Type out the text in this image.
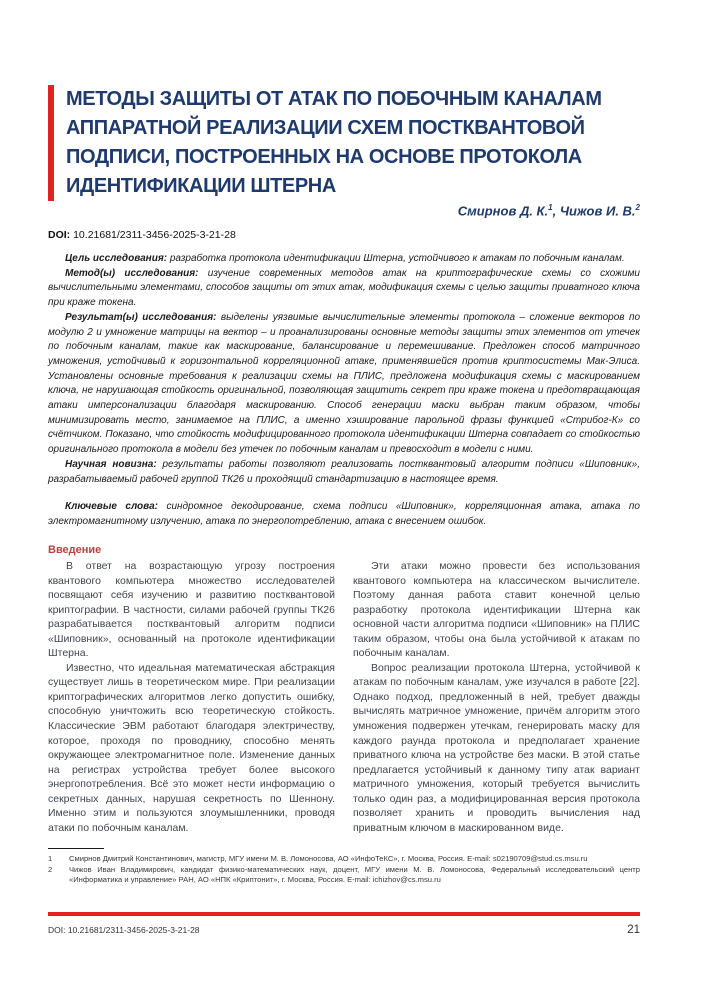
МЕТОДЫ ЗАЩИТЫ ОТ АТАК ПО ПОБОЧНЫМ КАНАЛАМ
АППАРАТНОЙ РЕАЛИЗАЦИИ СХЕМ ПОСТКВАНТОВОЙ
ПОДПИСИ, ПОСТРОЕННЫХ НА ОСНОВЕ ПРОТОКОЛА
ИДЕНТИФИКАЦИИ ШТЕРНА
Смирнов Д. К.$^1$, Чижов И. В.$^2$
DOI: 10.21681/2311-3456-2025-3-21-28

Цель исследования: разработка протокола идентификации Штерна, устойчивого к атакам по побочным каналам.

Метод(ы) исследования: изучение современных методов атак на криптографические схемы со схожими вычислительными элементами, способов защиты от этих атак, модификация схемы с целью защиты приватного ключа при краже токена.

Результат(ы) исследования: выделены уязвимые вычислительные элементы протокола – сложение векторов по модулю 2 и умножение матрицы на вектор – и проанализированы основные методы защиты этих элементов от утечек по побочным каналам, такие как маскирование, балансирование и перемешивание. Предложен способ матричного умножения, устойчивый к горизонтальной корреляционной атаке, применявшейся против криптосистемы Мак-Элиса. Установлены основные требования к реализации схемы на ПЛИС, предложена модификация схемы с маскированием ключа, не нарушающая стойкость оригинальной, позволяющая защитить секрет при краже токена и предотвращающая атаки имперсонализации благодаря маскированию. Способ генерации маски выбран таким образом, чтобы минимизировать место, занимаемое на ПЛИС, а именно хэширование парольной фразы функцией «Стрибог-К» со счётчиком. Показано, что стойкость модифицированного протокола идентификации Штерна совпадает со стойкостью оригинального протокола в модели без утечек по побочным каналам и превосходит в модели с ними.

Научная новизна: результаты работы позволяют реализовать постквантовый алгоритм подписи «Шиповник», разрабатываемый рабочей группой ТК26 и проходящий стандартизацию в настоящее время.

Ключевые слова: синдромное декодирование, схема подписи «Шиповник», корреляционная атака, атака по электромагнитному излучению, атака по энергопотреблению, атака с внесением ошибок.

Введение

В ответ на возрастающую угрозу построения квантового компьютера множество исследователей посвящают себя изучению и развитию постквантовой криптографии. В частности, силами рабочей группы ТК26 разрабатывается постквантовый алгоритм подписи «Шиповник», основанный на протоколе идентификации Штерна.

Известно, что идеальная математическая абстракция существует лишь в теоретическом мире. При реализации криптографических алгоритмов легко допустить ошибку, способную уничтожить всю теоретическую стойкость. Классические ЭВМ работают благодаря электричеству, которое, проходя по проводнику, способно менять окружающее электромагнитное поле. Изменение данных на регистрах устройства требует более высокого энергопотребления. Всё это может нести информацию о секретных данных, нарушая секретность по Шеннону. Именно этим и пользуются злоумышленники, проводя атаки по побочным каналам.

Эти атаки можно провести без использования квантового компьютера на классическом вычислителе. Поэтому данная работа ставит конечной целью разработку протокола идентификации Штерна как основной части алгоритма подписи «Шиповник» на ПЛИС таким образом, чтобы она была устойчивой к атакам по побочным каналам.

Вопрос реализации протокола Штерна, устойчивой к атакам по побочным каналам, уже изучался в работе [22]. Однако подход, предложенный в ней, требует дважды вычислять матричное умножение, причём алгоритм этого умножения подвержен утечкам, генерировать маску для каждого раунда протокола и предполагает хранение приватного ключа на устройстве без маски. В этой статье предлагается устойчивый к данному типу атак вариант матричного умножения, который требуется вычислить только один раз, а модифицированная версия протокола позволяет хранить и проводить вычисления над приватным ключом в маскированном виде.

1	Смирнов Дмитрий Константинович, магистр, МГУ имени М. В. Ломоносова, АО «ИнфоТеКС», г. Москва, Россия. E-mail: s02190709@stud.cs.msu.ru
2	Чижов Иван Владимирович, кандидат физико-математических наук, доцент, МГУ имени М. В. Ломоносова, Федеральный исследовательский центр «Информатика и управление» РАН, АО «НПК «Криптонит», г. Москва, Россия. E-mail: ichizhov@cs.msu.ru
DOI: 10.21681/2311-3456-2025-3-21-28	21
